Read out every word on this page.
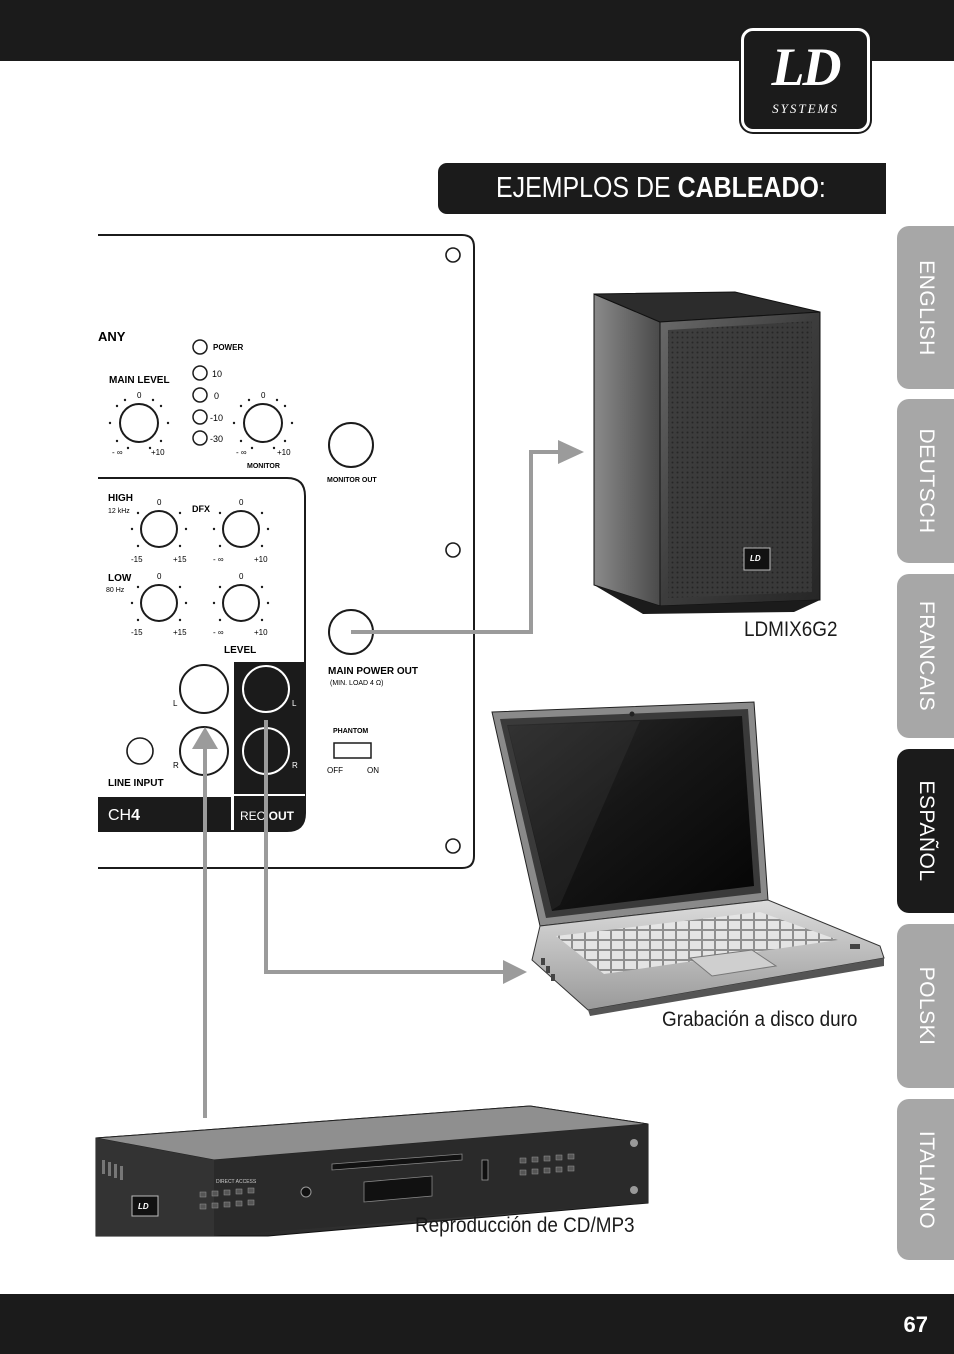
LD
SYSTEMS
EJEMPLOS DE CABLEADO:
ENGLISH
DEUTSCH
FRANCAIS
ESPAÑOL
POLSKI
ITALIANO
ANY
POWER
10
0
-10
-30
MAIN LEVEL
0
- ∞	+10
0
- ∞	+10
MONITOR
MONITOR OUT
CH4	REC OUT
HIGH
12 kHz
0
-15	+15
DFX
0
- ∞	+10
LOW
80 Hz
0
-15	+15
0
- ∞	+10
LEVEL
L
R
LINE INPUT
L
R
MAIN POWER OUT
(MIN. LOAD 4 Ω)
PHANTOM
OFF	ON
LD
LD
DIRECT ACCESS
LDMIX6G2
Grabación a disco duro
Reproducción de CD/MP3
67
